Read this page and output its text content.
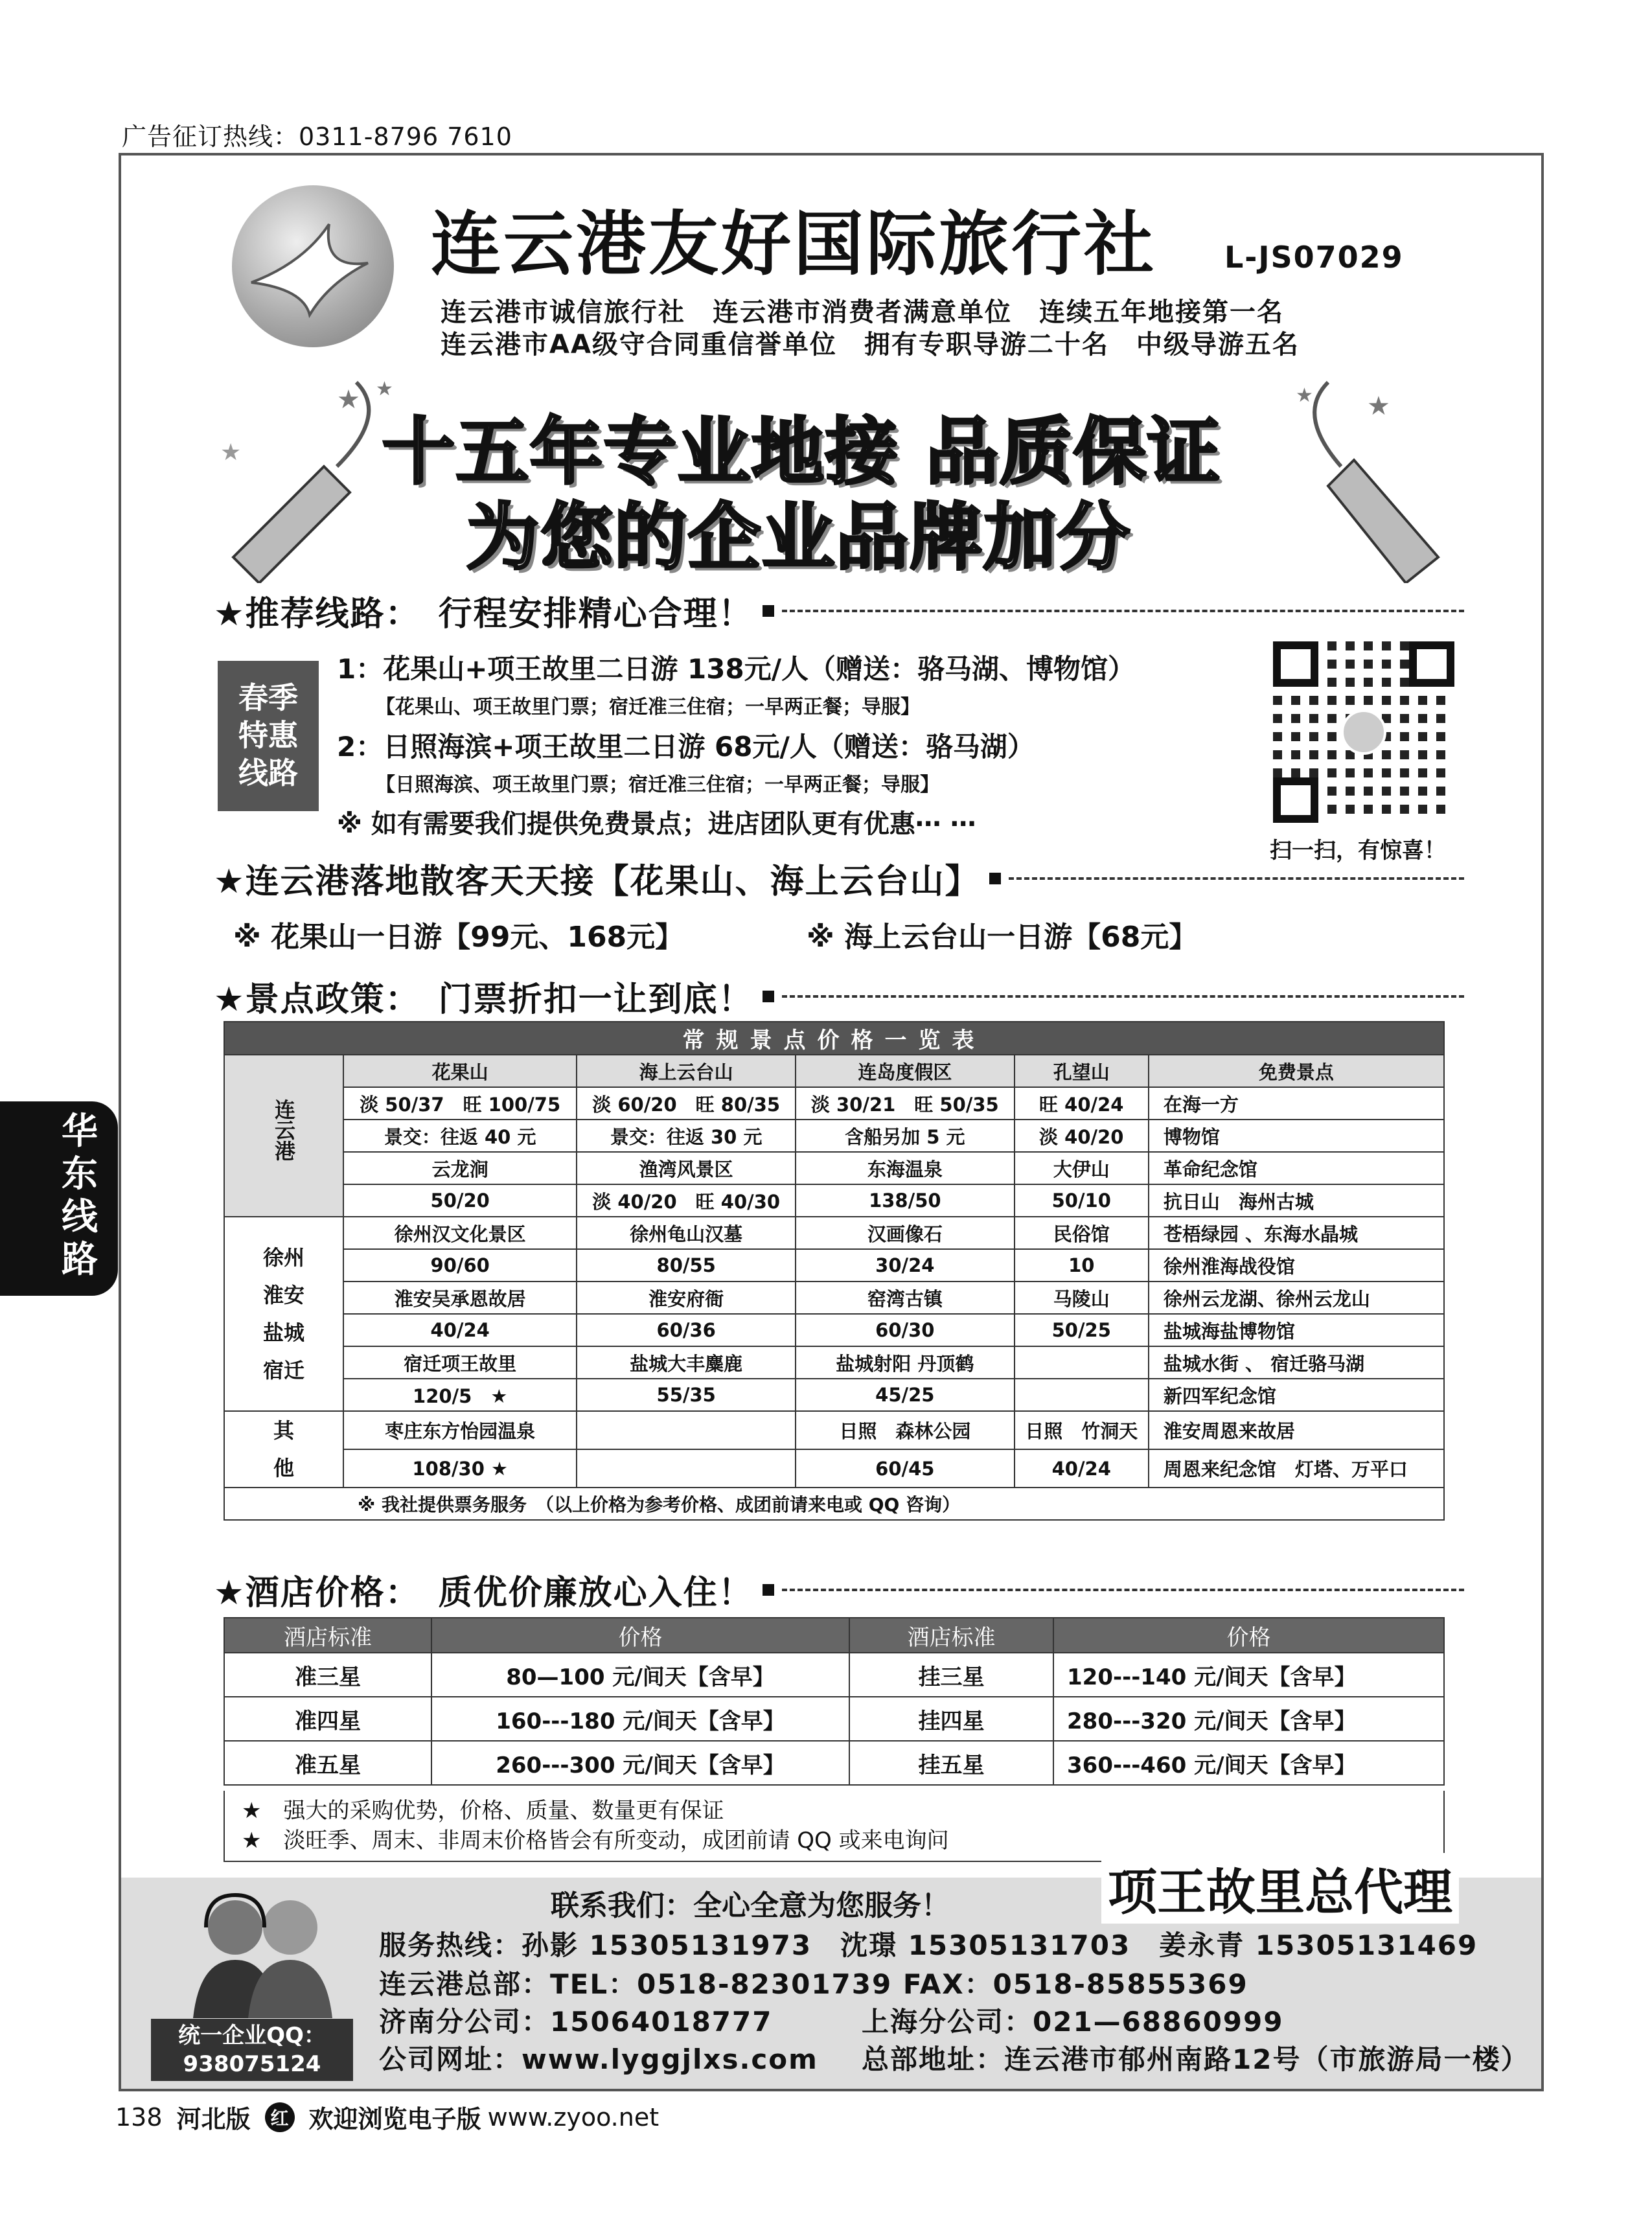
广告征订热线：0311-8796 7610
连云港友好国际旅行社 L-JS07029
连云港市诚信旅行社　连云港市消费者满意单位　连续五年地接第一名
连云港市AA级守合同重信誉单位　拥有专职导游二十名　中级导游五名
★ ★
★
★
★
十五年专业地接 品质保证
为您的企业品牌加分
★推荐线路：　行程安排精心合理！
春季
特惠
线路
1：花果山+项王故里二日游 138元/人（赠送：骆马湖、博物馆）
【花果山、项王故里门票；宿迁准三住宿；一早两正餐；导服】
2：日照海滨+项王故里二日游 68元/人（赠送：骆马湖）
【日照海滨、项王故里门票；宿迁准三住宿；一早两正餐；导服】
※ 如有需要我们提供免费景点；进店团队更有优惠⋯ ⋯
扫一扫，有惊喜！
★连云港落地散客天天接【花果山、海上云台山】
※ 花果山一日游【99元、168元】	※ 海上云台山一日游【68元】
★景点政策：　门票折扣一让到底！
常规景点价格一览表					
连云港	花果山	海上云台山	连岛度假区	孔望山	免费景点
	淡 50/37　旺 100/75	淡 60/20　旺 80/35	淡 30/21　旺 50/35	旺 40/24	在海一方
	景交：往返 40 元	景交：往返 30 元	含船另加 5 元	淡 40/20	博物馆
	云龙涧	渔湾风景区	东海温泉	大伊山	革命纪念馆
	50/20	淡 40/20　旺 40/30	138/50	50/10	抗日山　海州古城

徐州淮安盐城宿迁	徐州汉文化景区	徐州龟山汉墓	汉画像石	民俗馆	苍梧绿园 、东海水晶城
	90/60	80/55	30/24	10	徐州淮海战役馆
	淮安吴承恩故居	淮安府衙	窑湾古镇	马陵山	徐州云龙湖、徐州云龙山
	40/24	60/36	60/30	50/25	盐城海盐博物馆
	宿迁项王故里	盐城大丰麋鹿	盐城射阳 丹顶鹤		盐城水街 、 宿迁骆马湖
	120/5　★	55/35	45/25		新四军纪念馆

其他	枣庄东方怡园温泉		日照　森林公园	日照　竹洞天	淮安周恩来故居
	108/30 ★		60/45	40/24	周恩来纪念馆　灯塔、万平口
	※ 我社提供票务服务　（以上价格为参考价格、成团前请来电或 QQ 咨询）				
★酒店价格：　质优价廉放心入住！
酒店标准	价格	酒店标准	价格
准三星	80—100 元/间天【含早】	挂三星	120---140 元/间天【含早】
准四星	160---180 元/间天【含早】	挂四星	280---320 元/间天【含早】
准五星	260---300 元/间天【含早】	挂五星	360---460 元/间天【含早】
★　强大的采购优势，价格、质量、数量更有保证
★　淡旺季、周末、非周末价格皆会有所变动，成团前请 QQ 或来电询问
项王故里总代理
联系我们：全心全意为您服务！
统一企业QQ：
938075124
服务热线：孙影 15305131973　沈璟 15305131703　姜永青 15305131469
连云港总部：TEL：0518-82301739 FAX：0518-85855369
济南分公司：15064018777	上海分公司：021—68860999
公司网址：www.lyggjlxs.com 总部地址：连云港市郁州南路12号（市旅游局一楼）
华
东
线
路
138 河北版	红 欢迎浏览电子版 www.zyoo.net
